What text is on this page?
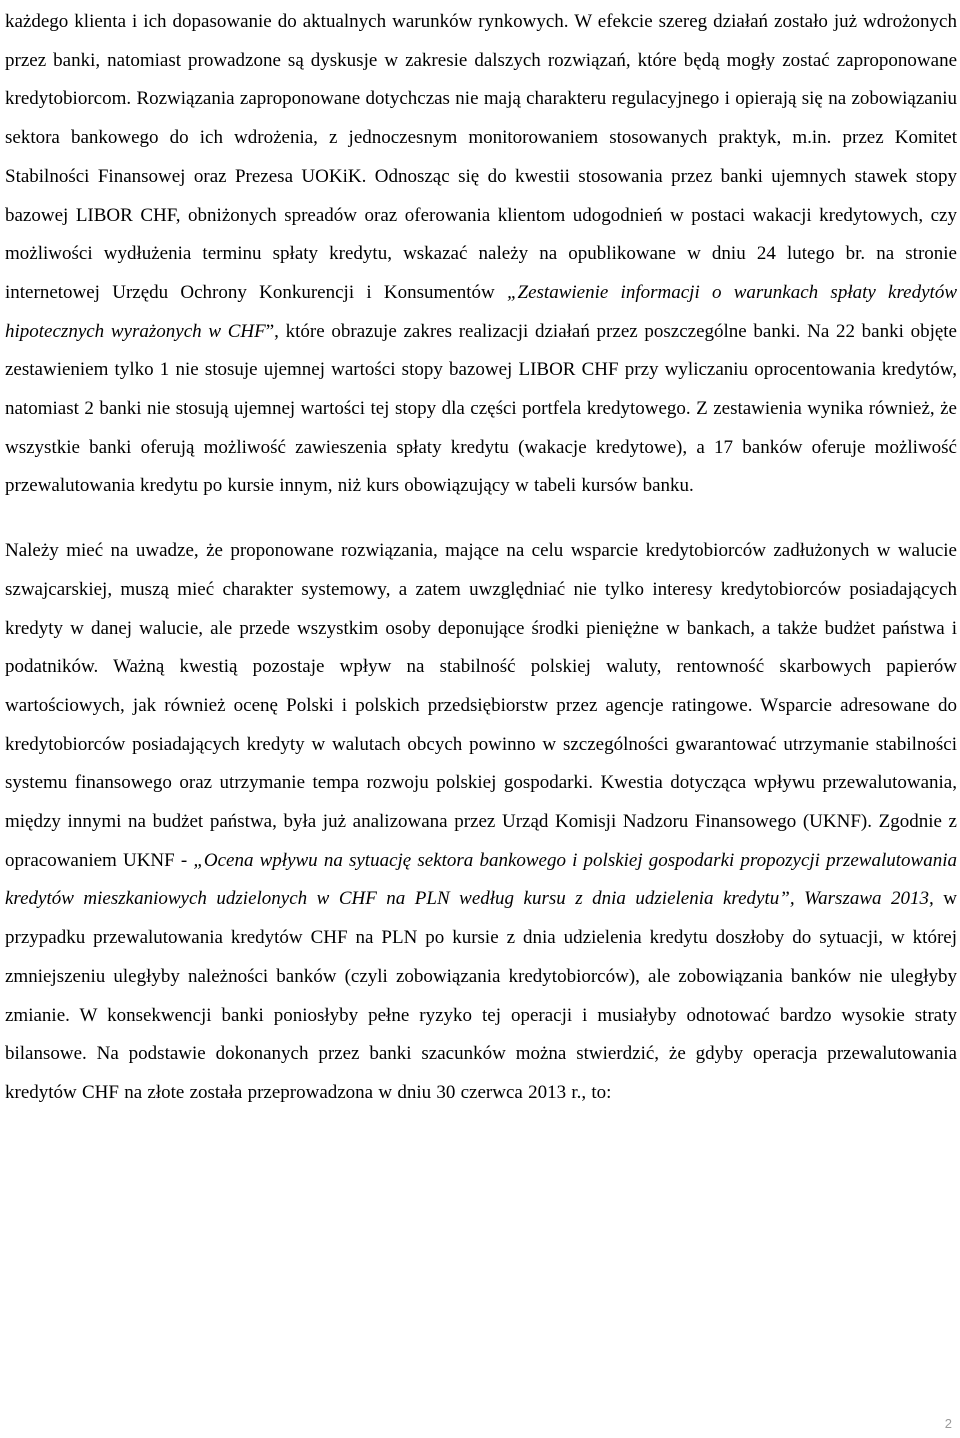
każdego klienta i ich dopasowanie do aktualnych warunków rynkowych. W efekcie szereg działań zostało już wdrożonych przez banki, natomiast prowadzone są dyskusje w zakresie dalszych rozwiązań, które będą mogły zostać zaproponowane kredytobiorcom. Rozwiązania zaproponowane dotychczas nie mają charakteru regulacyjnego i opierają się na zobowiązaniu sektora bankowego do ich wdrożenia, z jednoczesnym monitorowaniem stosowanych praktyk, m.in. przez Komitet Stabilności Finansowej oraz Prezesa UOKiK. Odnosząc się do kwestii stosowania przez banki ujemnych stawek stopy bazowej LIBOR CHF, obniżonych spreadów oraz oferowania klientom udogodnień w postaci wakacji kredytowych, czy możliwości wydłużenia terminu spłaty kredytu, wskazać należy na opublikowane w dniu 24 lutego br. na stronie internetowej Urzędu Ochrony Konkurencji i Konsumentów „Zestawienie informacji o warunkach spłaty kredytów hipotecznych wyrażonych w CHF”, które obrazuje zakres realizacji działań przez poszczególne banki. Na 22 banki objęte zestawieniem tylko 1 nie stosuje ujemnej wartości stopy bazowej LIBOR CHF przy wyliczaniu oprocentowania kredytów, natomiast 2 banki nie stosują ujemnej wartości tej stopy dla części portfela kredytowego. Z zestawienia wynika również, że wszystkie banki oferują możliwość zawieszenia spłaty kredytu (wakacje kredytowe), a 17 banków oferuje możliwość przewalutowania kredytu po kursie innym, niż kurs obowiązujący w tabeli kursów banku.

Należy mieć na uwadze, że proponowane rozwiązania, mające na celu wsparcie kredytobiorców zadłużonych w walucie szwajcarskiej, muszą mieć charakter systemowy, a zatem uwzględniać nie tylko interesy kredytobiorców posiadających kredyty w danej walucie, ale przede wszystkim osoby deponujące środki pieniężne w bankach, a także budżet państwa i podatników. Ważną kwestią pozostaje wpływ na stabilność polskiej waluty, rentowność skarbowych papierów wartościowych, jak również ocenę Polski i polskich przedsiębiorstw przez agencje ratingowe. Wsparcie adresowane do kredytobiorców posiadających kredyty w walutach obcych powinno w szczególności gwarantować utrzymanie stabilności systemu finansowego oraz utrzymanie tempa rozwoju polskiej gospodarki. Kwestia dotycząca wpływu przewalutowania, między innymi na budżet państwa, była już analizowana przez Urząd Komisji Nadzoru Finansowego (UKNF). Zgodnie z opracowaniem UKNF - „Ocena wpływu na sytuację sektora bankowego i polskiej gospodarki propozycji przewalutowania kredytów mieszkaniowych udzielonych w CHF na PLN według kursu z dnia udzielenia kredytu”, Warszawa 2013, w przypadku przewalutowania kredytów CHF na PLN po kursie z dnia udzielenia kredytu doszłoby do sytuacji, w której zmniejszeniu uległyby należności banków (czyli zobowiązania kredytobiorców), ale zobowiązania banków nie uległyby zmianie. W konsekwencji banki poniosłyby pełne ryzyko tej operacji i musiałyby odnotować bardzo wysokie straty bilansowe. Na podstawie dokonanych przez banki szacunków można stwierdzić, że gdyby operacja przewalutowania kredytów CHF na złote została przeprowadzona w dniu 30 czerwca 2013 r., to:

2
